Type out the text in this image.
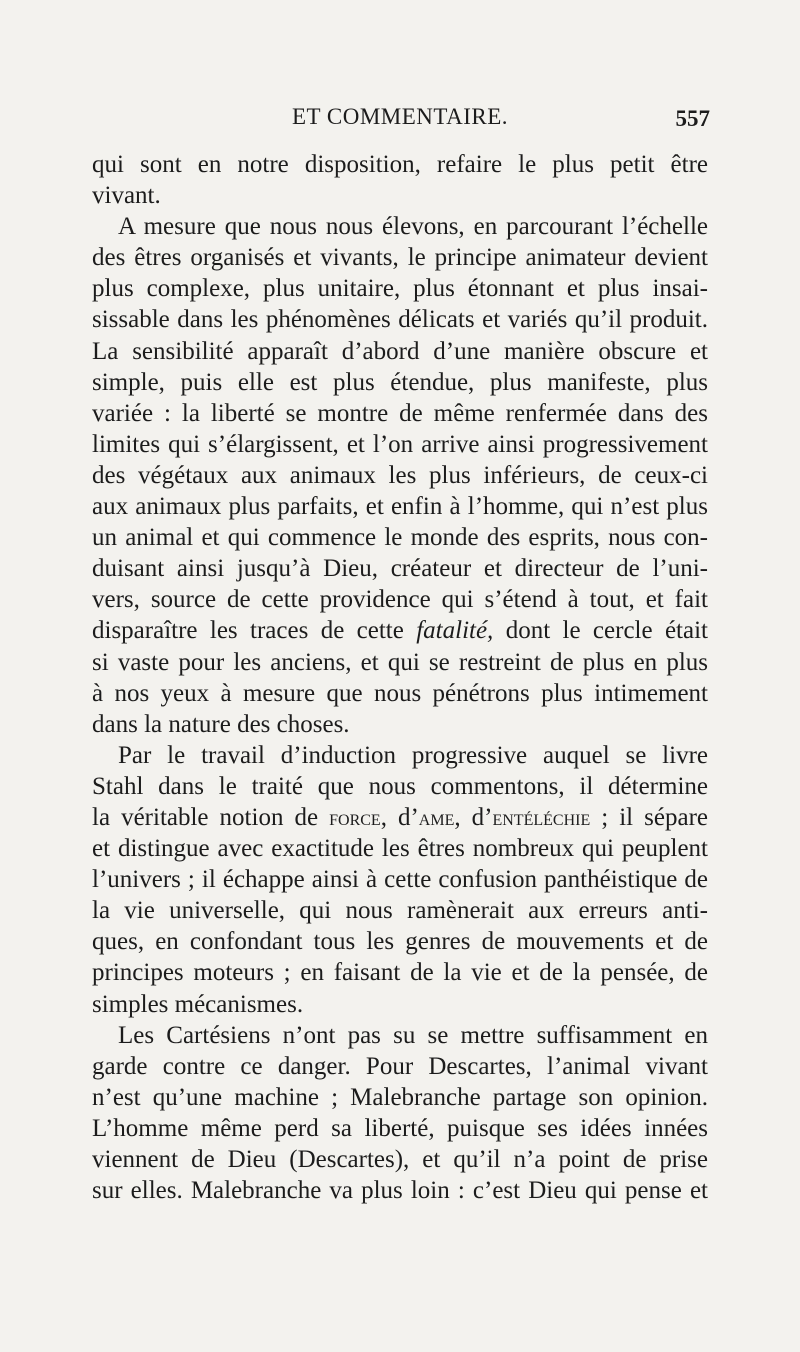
ET COMMENTAIRE.	557
qui sont en notre disposition, refaire le plus petit être
vivant.
A mesure que nous nous élevons, en parcourant l’échelle
des êtres organisés et vivants, le principe animateur devient
plus complexe, plus unitaire, plus étonnant et plus insai-
sissable dans les phénomènes délicats et variés qu’il produit.
La sensibilité apparaît d’abord d’une manière obscure et
simple, puis elle est plus étendue, plus manifeste, plus
variée : la liberté se montre de même renfermée dans des
limites qui s’élargissent, et l’on arrive ainsi progressivement
des végétaux aux animaux les plus inférieurs, de ceux-ci
aux animaux plus parfaits, et enfin à l’homme, qui n’est plus
un animal et qui commence le monde des esprits, nous con-
duisant ainsi jusqu’à Dieu, créateur et directeur de l’uni-
vers, source de cette providence qui s’étend à tout, et fait
disparaître les traces de cette fatalité, dont le cercle était
si vaste pour les anciens, et qui se restreint de plus en plus
à nos yeux à mesure que nous pénétrons plus intimement
dans la nature des choses.
Par le travail d’induction progressive auquel se livre
Stahl dans le traité que nous commentons, il détermine
la véritable notion de force, d’ame, d’entéléchie ; il sépare
et distingue avec exactitude les êtres nombreux qui peuplent
l’univers ; il échappe ainsi à cette confusion panthéistique de
la vie universelle, qui nous ramènerait aux erreurs anti-
ques, en confondant tous les genres de mouvements et de
principes moteurs ; en faisant de la vie et de la pensée, de
simples mécanismes.
Les Cartésiens n’ont pas su se mettre suffisamment en
garde contre ce danger. Pour Descartes, l’animal vivant
n’est qu’une machine ; Malebranche partage son opinion.
L’homme même perd sa liberté, puisque ses idées innées
viennent de Dieu (Descartes), et qu’il n’a point de prise
sur elles. Malebranche va plus loin : c’est Dieu qui pense et
